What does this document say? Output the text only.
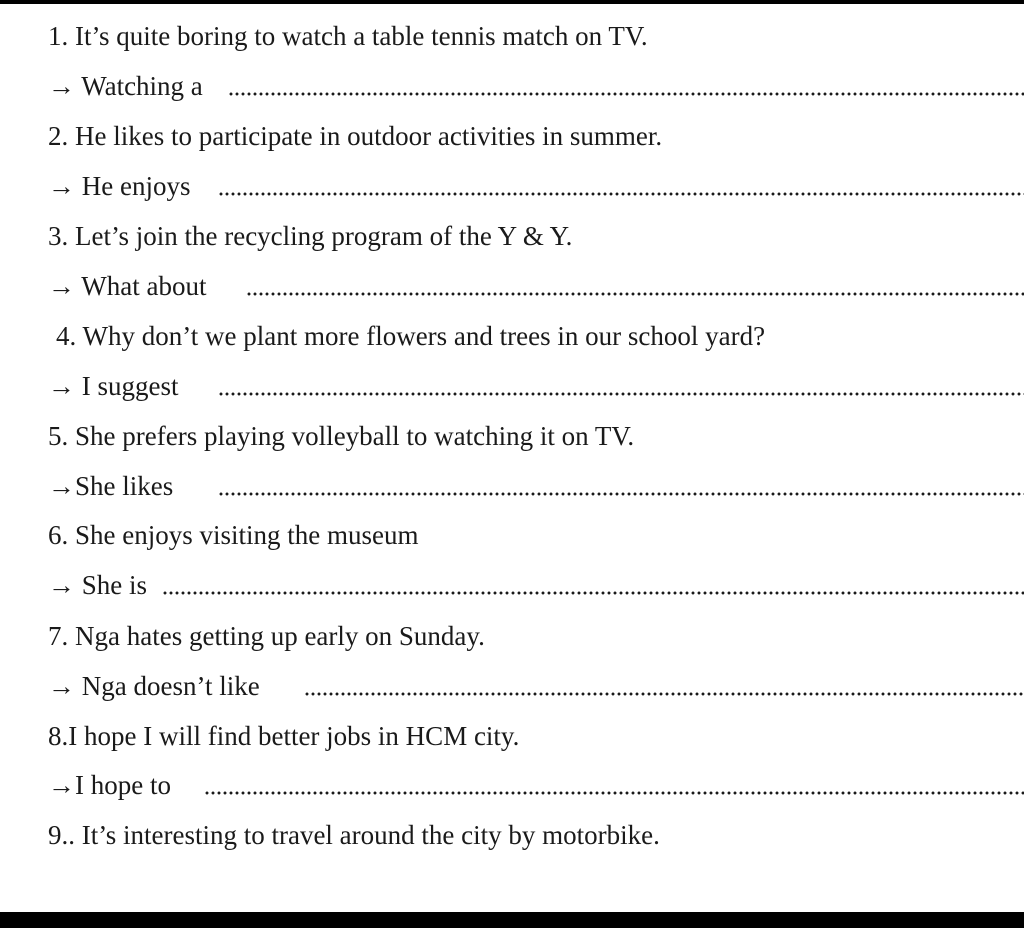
1. It’s quite boring to watch a table tennis match on TV.
→ Watching a
2. He likes to participate in outdoor activities in summer.
→ He enjoys
3. Let’s join the recycling program of the Y & Y.
→ What about
4. Why don’t we plant more flowers and trees in our school yard?
→ I suggest
5. She prefers playing volleyball to watching it on TV.
→She likes
6. She enjoys visiting the museum
→ She is
7. Nga hates getting up early on Sunday.
→ Nga doesn’t like
8.I hope I will find better jobs in HCM city.
→I hope to
9.. It’s interesting to travel around the city by motorbike.
